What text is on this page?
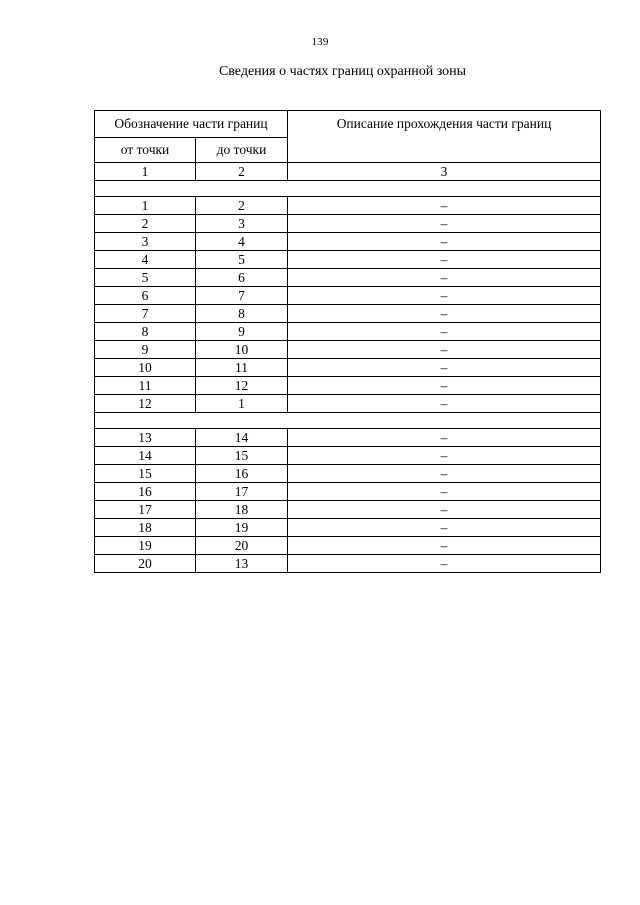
139
Сведения о частях границ охранной зоны
Обозначение части границ		Описание прохождения части границ
от точки	до точки	
1	2	3

1	2	–
2	3	–
3	4	–
4	5	–
5	6	–
6	7	–
7	8	–
8	9	–
9	10	–
10	11	–
11	12	–
12	1	–

13	14	–
14	15	–
15	16	–
16	17	–
17	18	–
18	19	–
19	20	–
20	13	–
